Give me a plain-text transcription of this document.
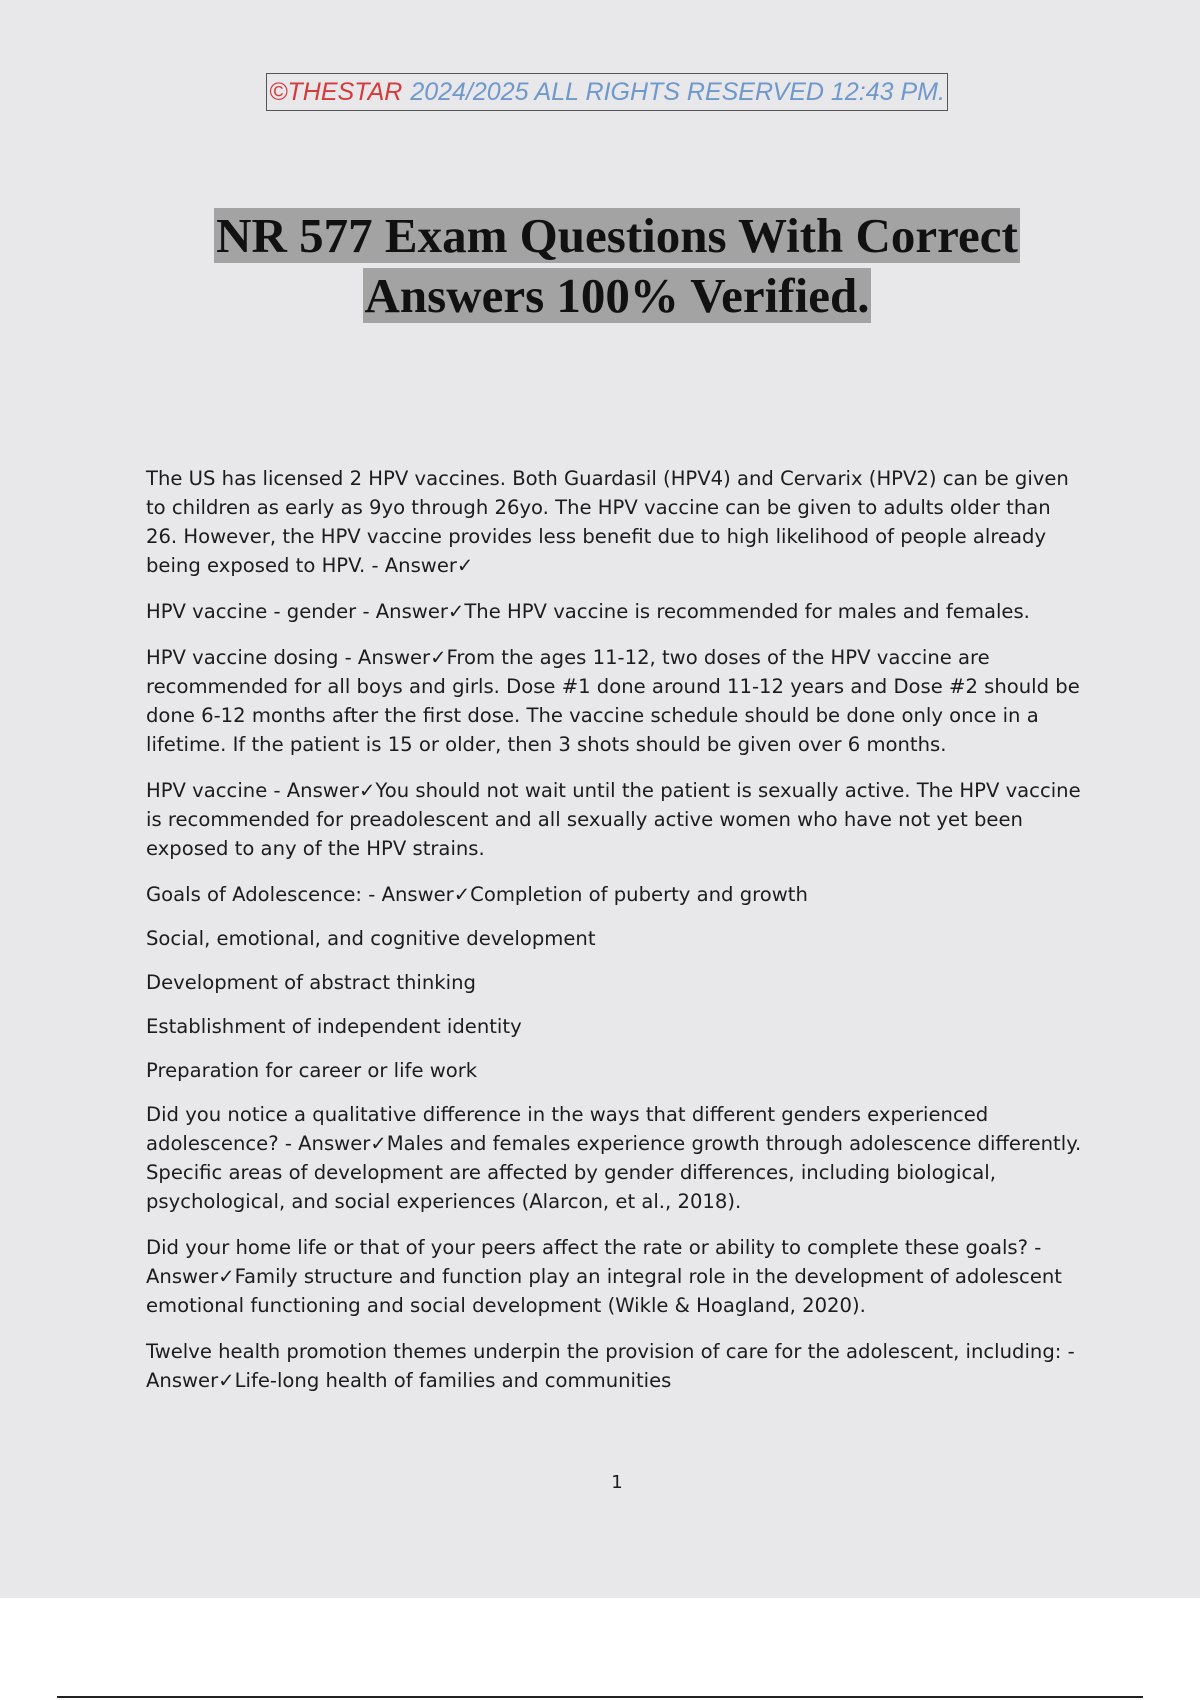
©THESTAR 2024/2025 ALL RIGHTS RESERVED 12:43 PM.
NR 577 Exam Questions With Correct
Answers 100% Verified.

The US has licensed 2 HPV vaccines. Both Guardasil (HPV4) and Cervarix (HPV2) can be given to children as early as 9yo through 26yo. The HPV vaccine can be given to adults older than 26. However, the HPV vaccine provides less benefit due to high likelihood of people already being exposed to HPV. - Answer✓

HPV vaccine - gender - Answer✓The HPV vaccine is recommended for males and females.

HPV vaccine dosing - Answer✓From the ages 11-12, two doses of the HPV vaccine are recommended for all boys and girls. Dose #1 done around 11-12 years and Dose #2 should be done 6-12 months after the first dose. The vaccine schedule should be done only once in a lifetime. If the patient is 15 or older, then 3 shots should be given over 6 months.

HPV vaccine - Answer✓You should not wait until the patient is sexually active. The HPV vaccine is recommended for preadolescent and all sexually active women who have not yet been exposed to any of the HPV strains.

Goals of Adolescence: - Answer✓Completion of puberty and growth

Social, emotional, and cognitive development

Development of abstract thinking

Establishment of independent identity

Preparation for career or life work

Did you notice a qualitative difference in the ways that different genders experienced adolescence? - Answer✓Males and females experience growth through adolescence differently. Specific areas of development are affected by gender differences, including biological, psychological, and social experiences (Alarcon, et al., 2018).

Did your home life or that of your peers affect the rate or ability to complete these goals? - Answer✓Family structure and function play an integral role in the development of adolescent emotional functioning and social development (Wikle & Hoagland, 2020).

Twelve health promotion themes underpin the provision of care for the adolescent, including: - Answer✓Life-long health of families and communities

1
